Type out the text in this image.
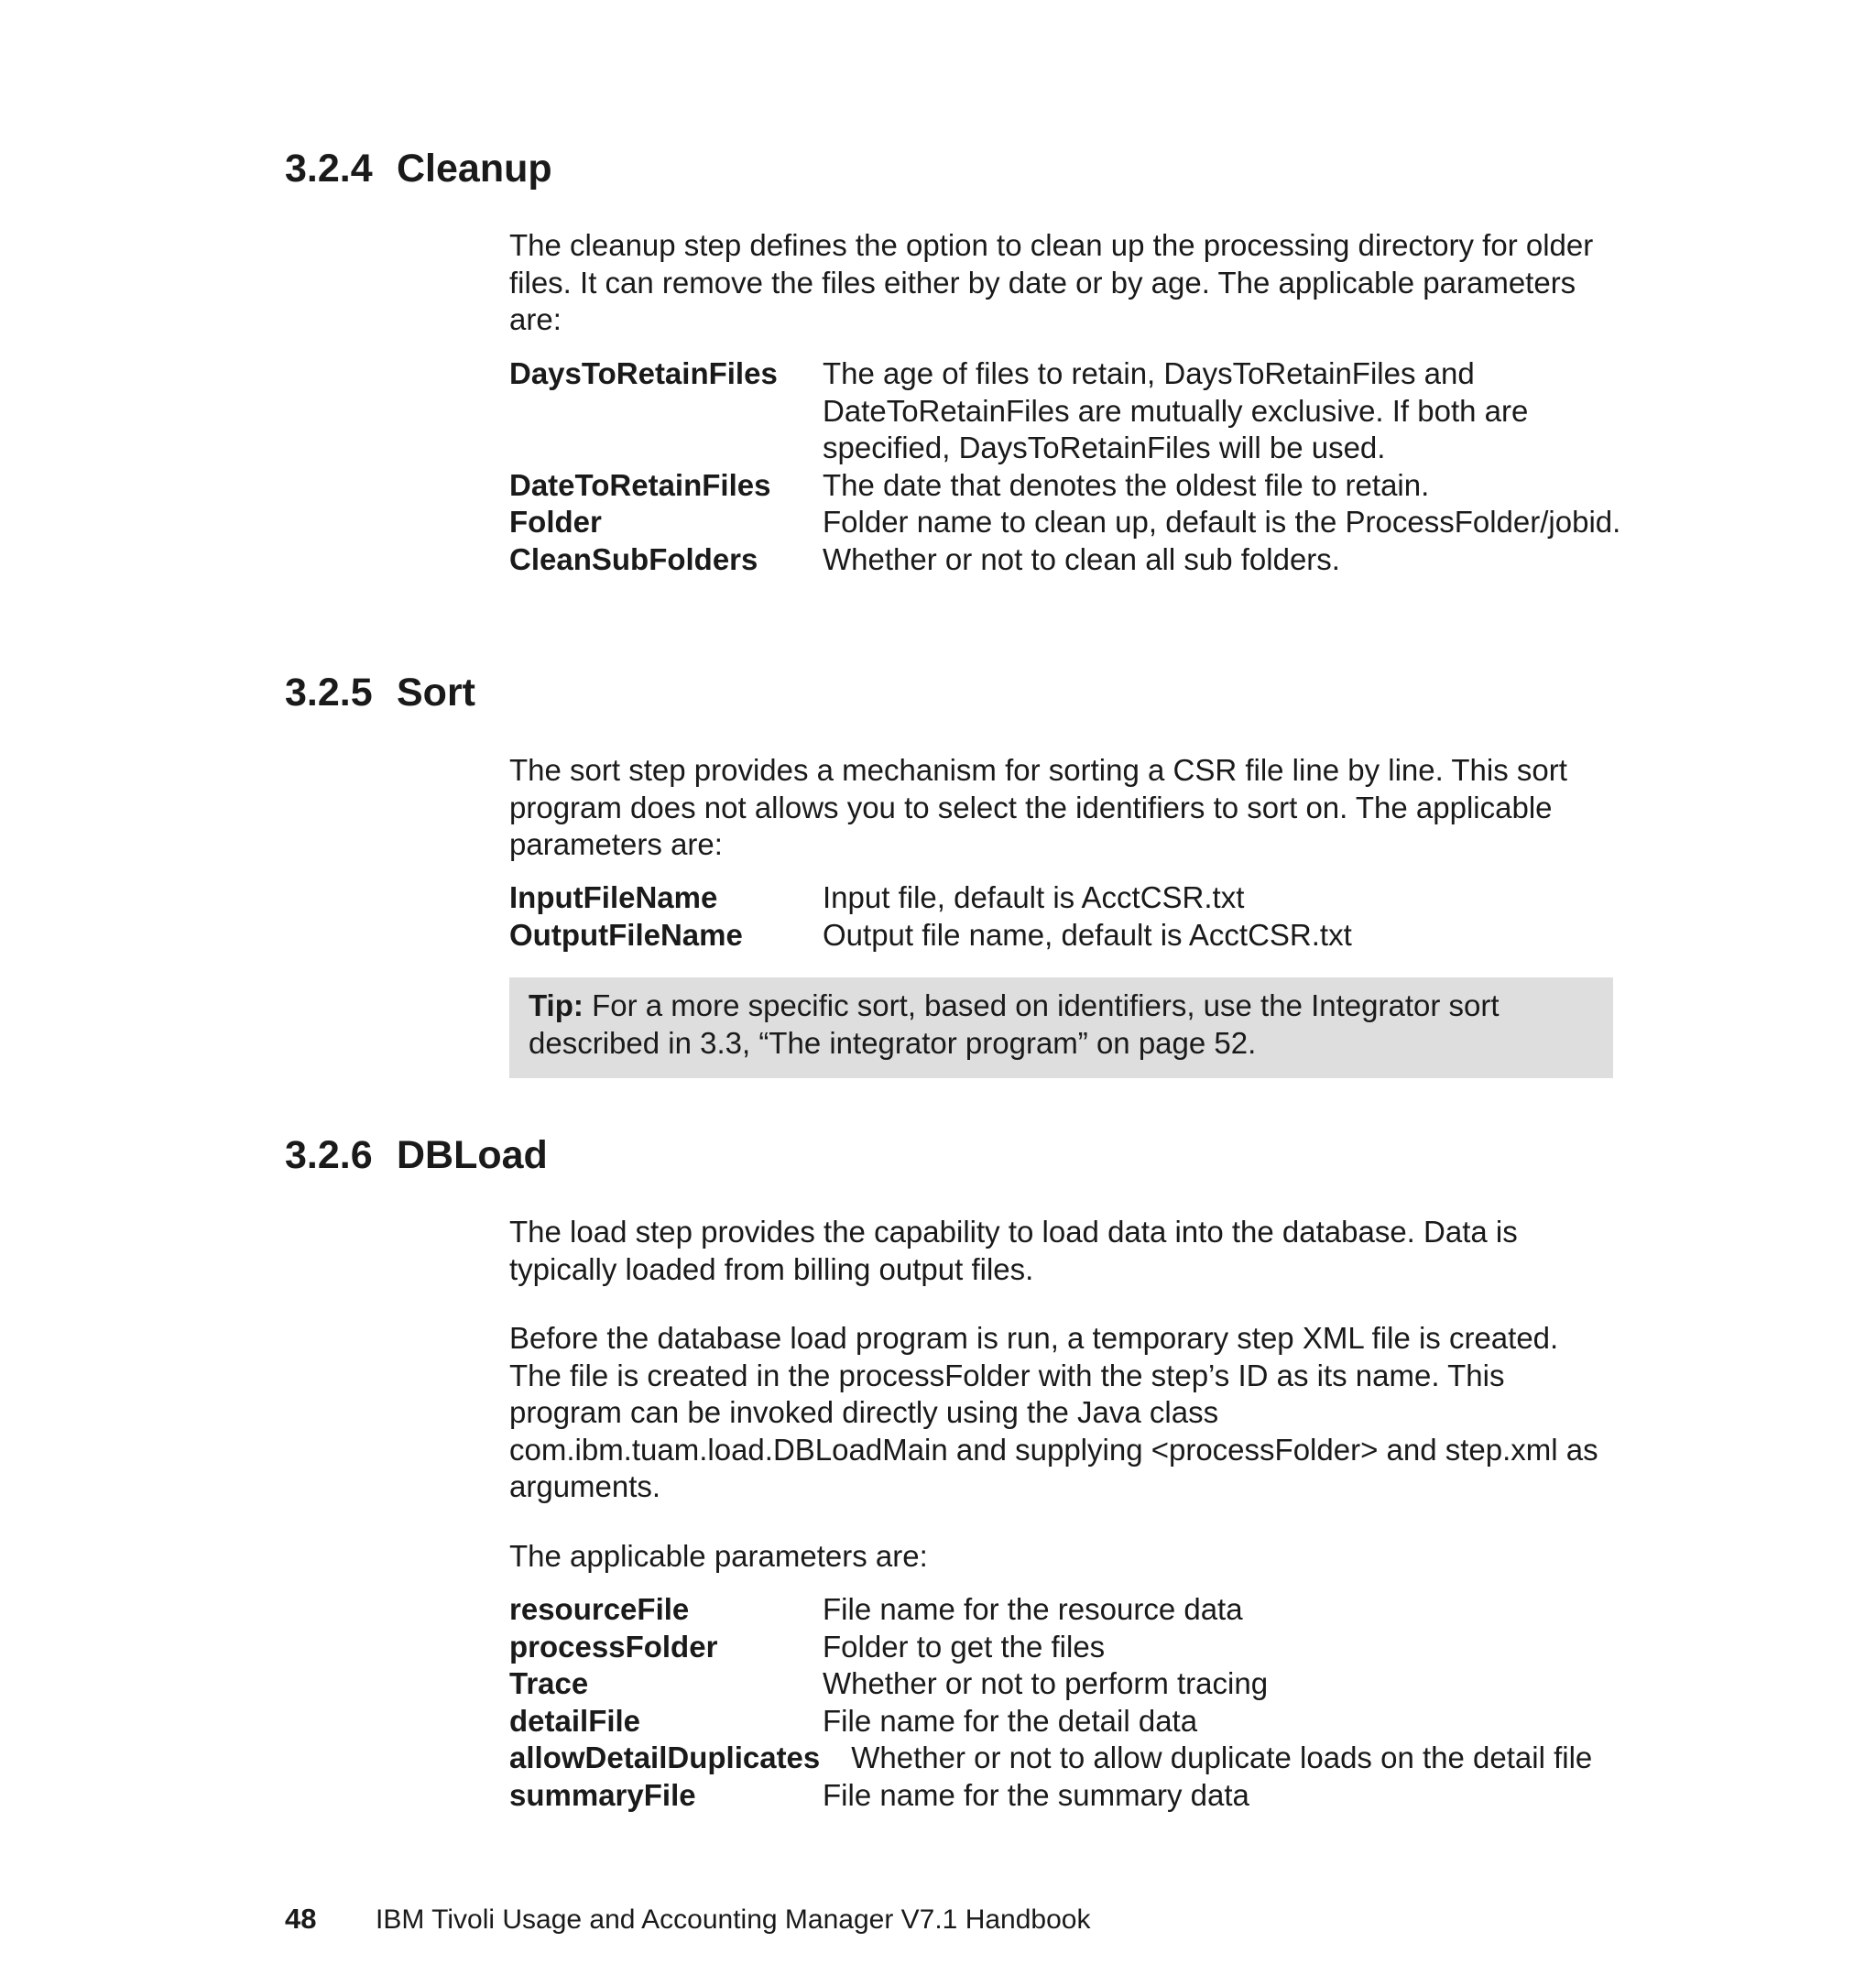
3.2.4 Cleanup

The cleanup step defines the option to clean up the processing directory for older files. It can remove the files either by date or by age. The applicable parameters are:

DaysToRetainFiles	The age of files to retain, DaysToRetainFiles and DateToRetainFiles are mutually exclusive. If both are specified, DaysToRetainFiles will be used.
DateToRetainFiles	The date that denotes the oldest file to retain.
Folder	Folder name to clean up, default is the ProcessFolder/jobid.
CleanSubFolders	Whether or not to clean all sub folders.
3.2.5 Sort

The sort step provides a mechanism for sorting a CSR file line by line. This sort program does not allows you to select the identifiers to sort on. The applicable parameters are:

InputFileName	Input file, default is AcctCSR.txt
OutputFileName	Output file name, default is AcctCSR.txt
Tip: For a more specific sort, based on identifiers, use the Integrator sort described in 3.3, “The integrator program” on page 52.
3.2.6 DBLoad

The load step provides the capability to load data into the database. Data is typically loaded from billing output files.

Before the database load program is run, a temporary step XML file is created. The file is created in the processFolder with the step’s ID as its name. This program can be invoked directly using the Java class com.ibm.tuam.load.DBLoadMain and supplying <processFolder> and step.xml as arguments.

The applicable parameters are:

resourceFile	File name for the resource data
processFolder	Folder to get the files
Trace	Whether or not to perform tracing
detailFile	File name for the detail data
allowDetailDuplicates	Whether or not to allow duplicate loads on the detail file
summaryFile	File name for the summary data
48 IBM Tivoli Usage and Accounting Manager V7.1 Handbook
